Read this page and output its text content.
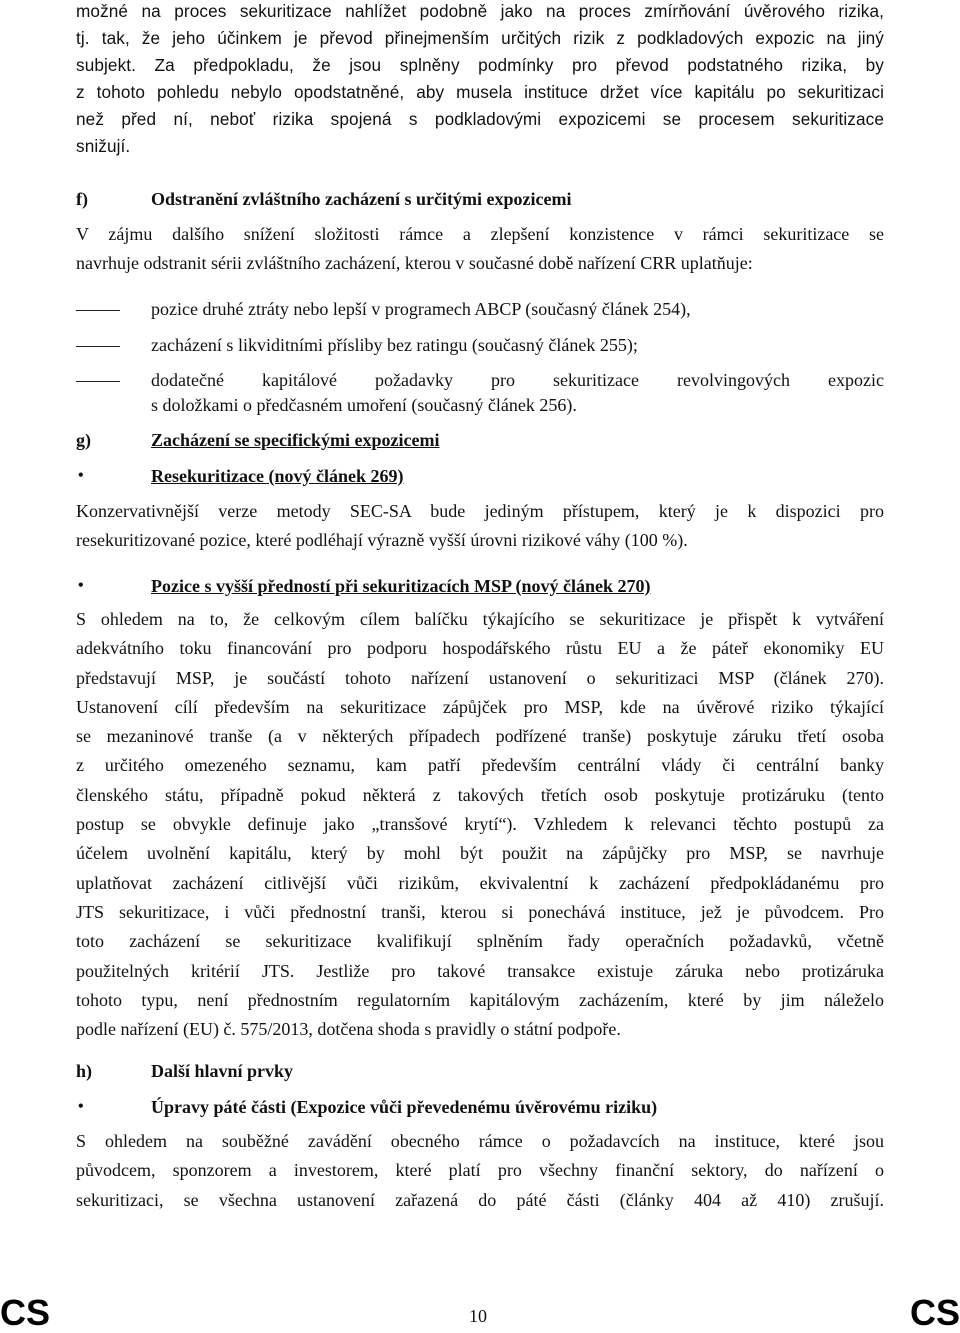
možné na proces sekuritizace nahlížet podobně jako na proces zmírňování úvěrového rizika,
tj. tak, že jeho účinkem je převod přinejmenším určitých rizik z podkladových expozic na jiný
subjekt. Za předpokladu, že jsou splněny podmínky pro převod podstatného rizika, by
z tohoto pohledu nebylo opodstatněné, aby musela instituce držet více kapitálu po sekuritizaci
než před ní, neboť rizika spojená s podkladovými expozicemi se procesem sekuritizace
snižují.
f)	Odstranění zvláštního zacházení s určitými expozicemi
V zájmu dalšího snížení složitosti rámce a zlepšení konzistence v rámci sekuritizace se
navrhuje odstranit sérii zvláštního zacházení, kterou v současné době nařízení CRR uplatňuje:
pozice druhé ztráty nebo lepší v programech ABCP (současný článek 254),
zacházení s likviditními přísliby bez ratingu (současný článek 255);
dodatečné kapitálové požadavky pro sekuritizace revolvingových expozic
s doložkami o předčasném umoření (současný článek 256).
g)	Zacházení se specifickými expozicemi
•	Resekuritizace (nový článek 269)
Konzervativnější verze metody SEC-SA bude jediným přístupem, který je k dispozici pro
resekuritizované pozice, které podléhají výrazně vyšší úrovni rizikové váhy (100 %).
•	Pozice s vyšší předností při sekuritizacích MSP (nový článek 270)
S ohledem na to, že celkovým cílem balíčku týkajícího se sekuritizace je přispět k vytváření
adekvátního toku financování pro podporu hospodářského růstu EU a že páteř ekonomiky EU
představují MSP, je součástí tohoto nařízení ustanovení o sekuritizaci MSP (článek 270).
Ustanovení cílí především na sekuritizace zápůjček pro MSP, kde na úvěrové riziko týkající
se mezaninové tranše (a v některých případech podřízené tranše) poskytuje záruku třetí osoba
z určitého omezeného seznamu, kam patří především centrální vlády či centrální banky
členského státu, případně pokud některá z takových třetích osob poskytuje protizáruku (tento
postup se obvykle definuje jako „transšové krytí“). Vzhledem k relevanci těchto postupů za
účelem uvolnění kapitálu, který by mohl být použit na zápůjčky pro MSP, se navrhuje
uplatňovat zacházení citlivější vůči rizikům, ekvivalentní k zacházení předpokládanému pro
JTS sekuritizace, i vůči přednostní tranši, kterou si ponechává instituce, jež je původcem. Pro
toto zacházení se sekuritizace kvalifikují splněním řady operačních požadavků, včetně
použitelných kritérií JTS. Jestliže pro takové transakce existuje záruka nebo protizáruka
tohoto typu, není přednostním regulatorním kapitálovým zacházením, které by jim náleželo
podle nařízení (EU) č. 575/2013, dotčena shoda s pravidly o státní podpoře.
h)	Další hlavní prvky
•	Úpravy páté části (Expozice vůči převedenému úvěrovému riziku)
S ohledem na souběžné zavádění obecného rámce o požadavcích na instituce, které jsou
původcem, sponzorem a investorem, které platí pro všechny finanční sektory, do nařízení o
sekuritizaci, se všechna ustanovení zařazená do páté části (články 404 až 410) zrušují.
CS	10	CS
